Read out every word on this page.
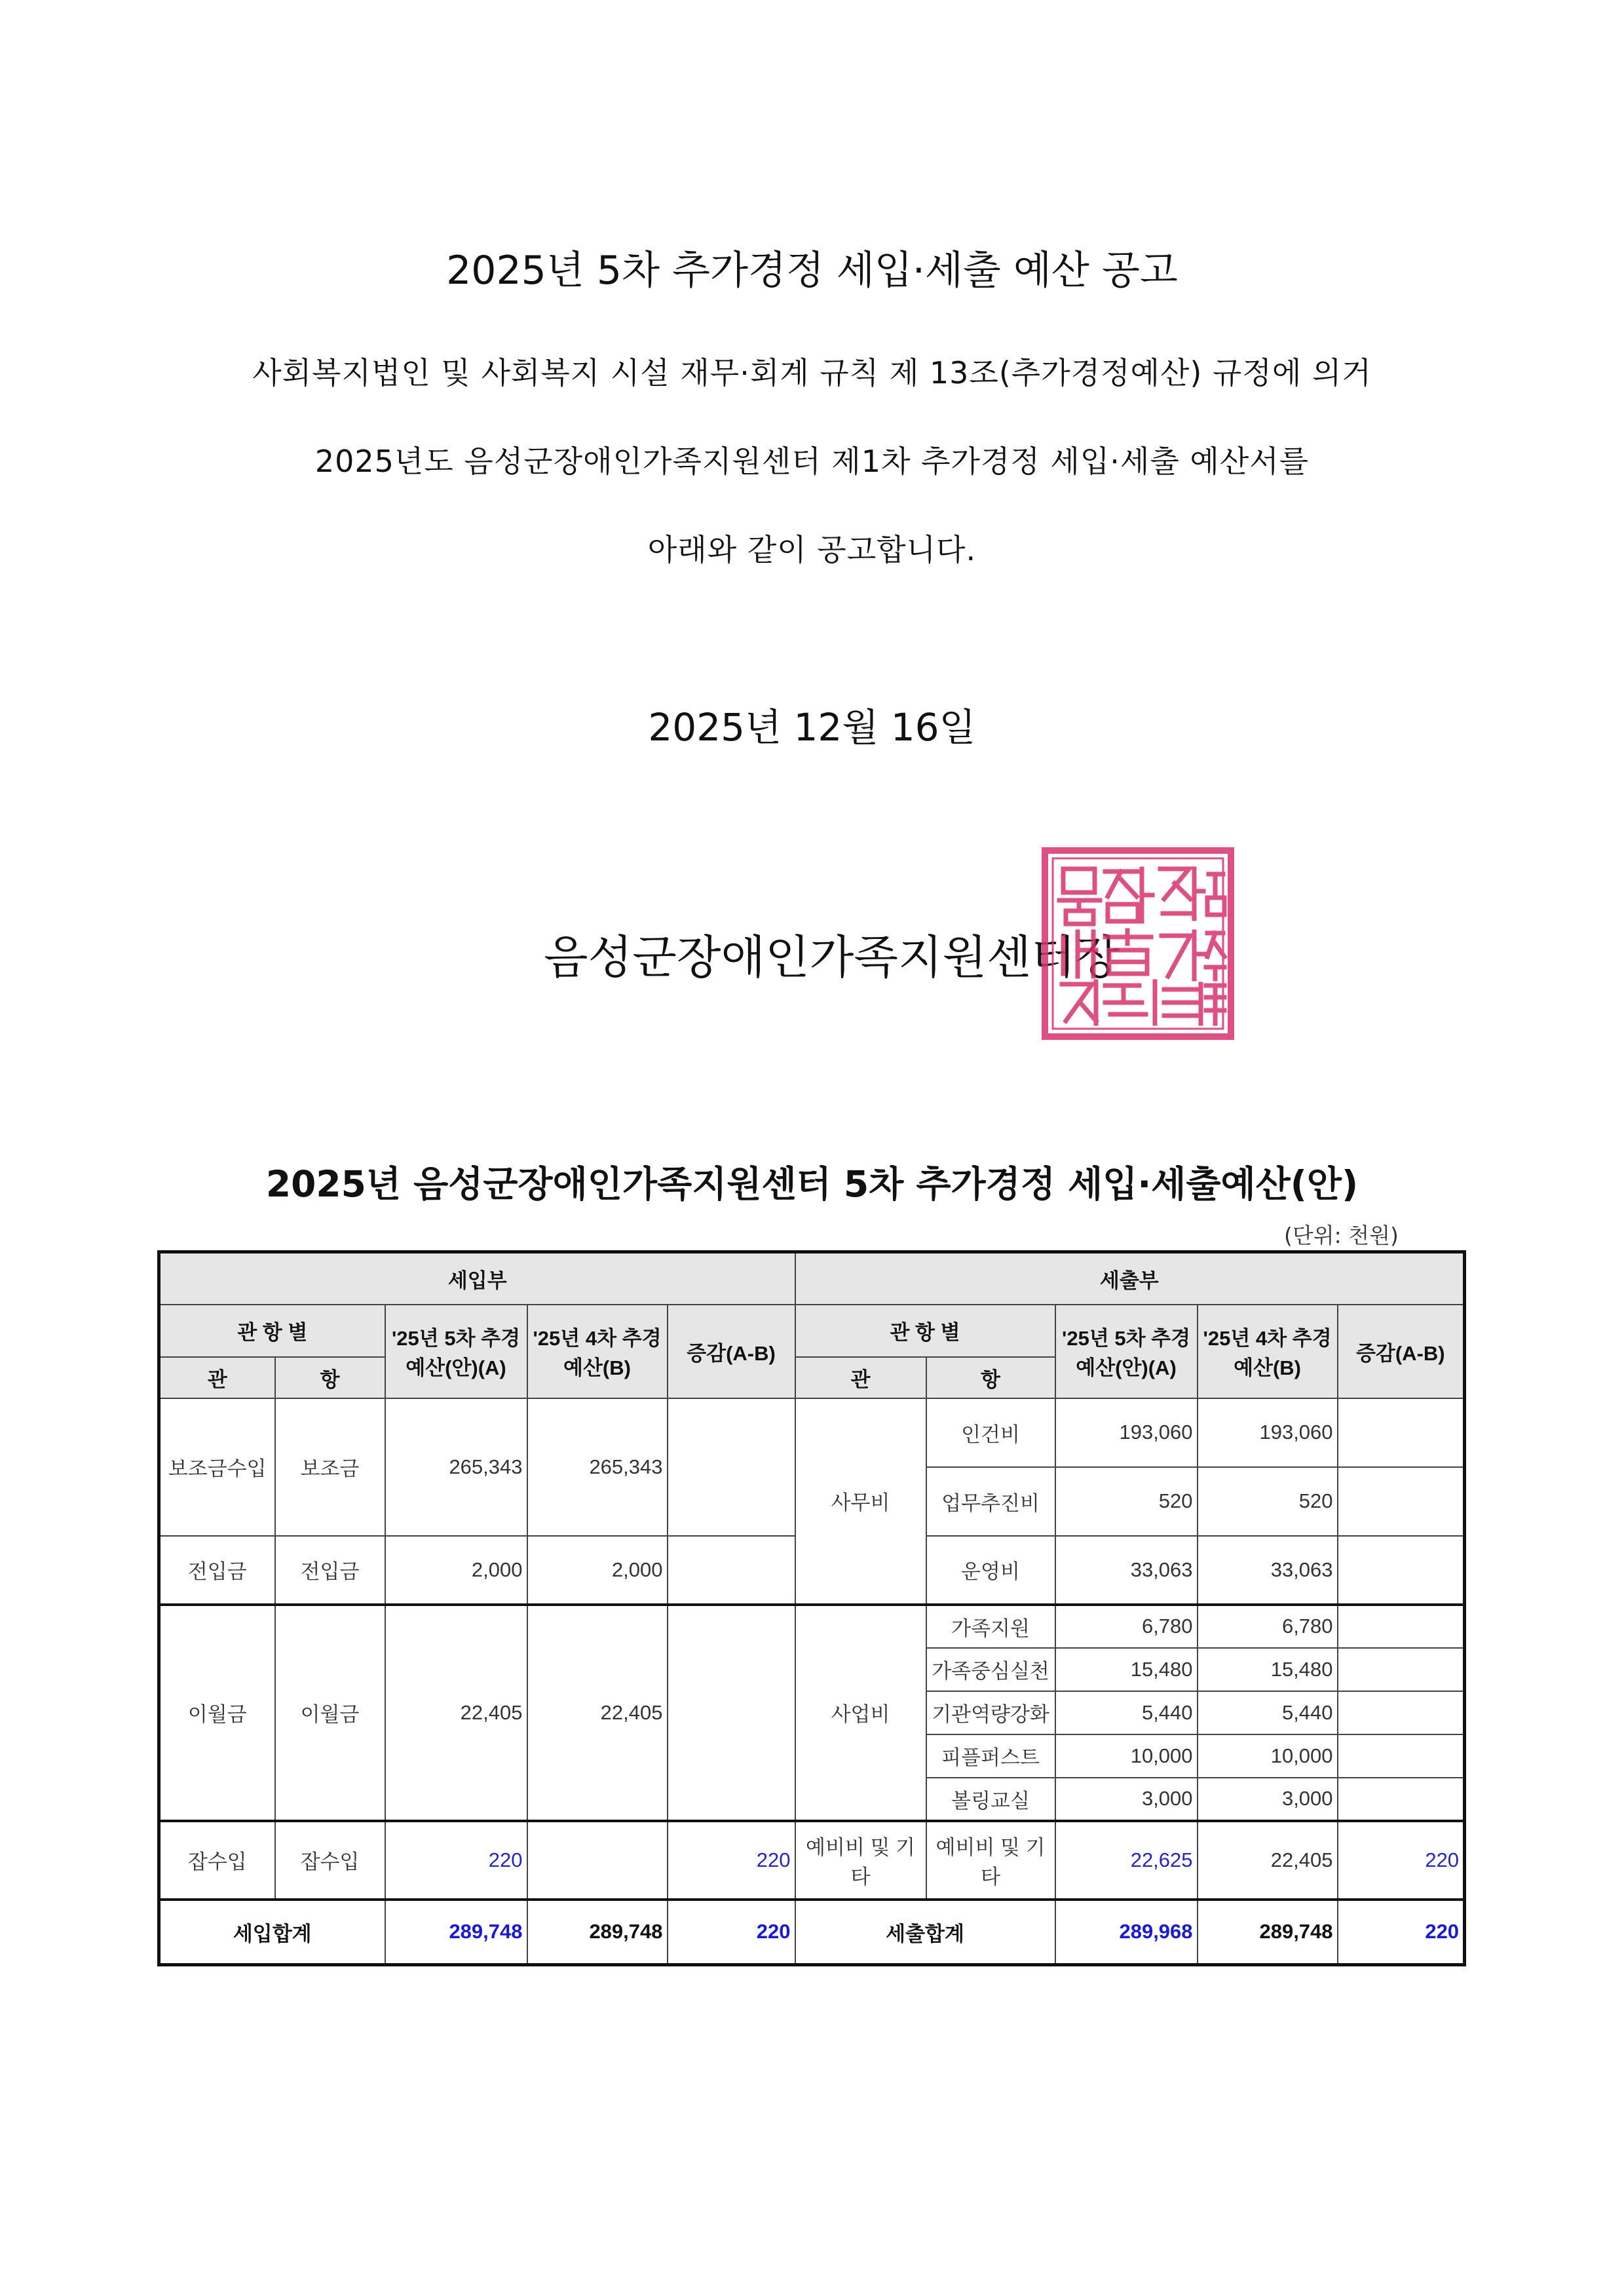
2025년 5차 추가경정 세입·세출 예산 공고
사회복지법인 및 사회복지 시설 재무·회계 규칙 제 13조(추가경정예산) 규정에 의거
2025년도 음성군장애인가족지원센터 제1차 추가경정 세입·세출 예산서를
아래와 같이 공고합니다.
2025년 12월 16일
음성군장애인가족지원센터장
2025년 음성군장애인가족지원센터 5차 추가경정 세입·세출예산(안)
(단위: 천원)
세입부					세출부				
관 항 별		'25년 5차 추경예산(안)(A)	'25년 4차 추경예산(B)	증감(A-B)	관 항 별		'25년 5차 추경예산(안)(A)	'25년 4차 추경예산(B)	증감(A-B)
관	항				관	항			
보조금수입	보조금	265,343	265,343		사무비	인건비	193,060	193,060	
						업무추진비	520	520	
전입금	전입금	2,000	2,000			운영비	33,063	33,063	
이월금	이월금	22,405	22,405		사업비	가족지원	6,780	6,780	
						가족중심실천	15,480	15,480	
						기관역량강화	5,440	5,440	
						피플퍼스트	10,000	10,000	
						볼링교실	3,000	3,000	
잡수입	잡수입	220		220	예비비 및 기타	예비비 및 기타	22,625	22,405	220
세입합계		289,748	289,748	220	세출합계		289,968	289,748	220
